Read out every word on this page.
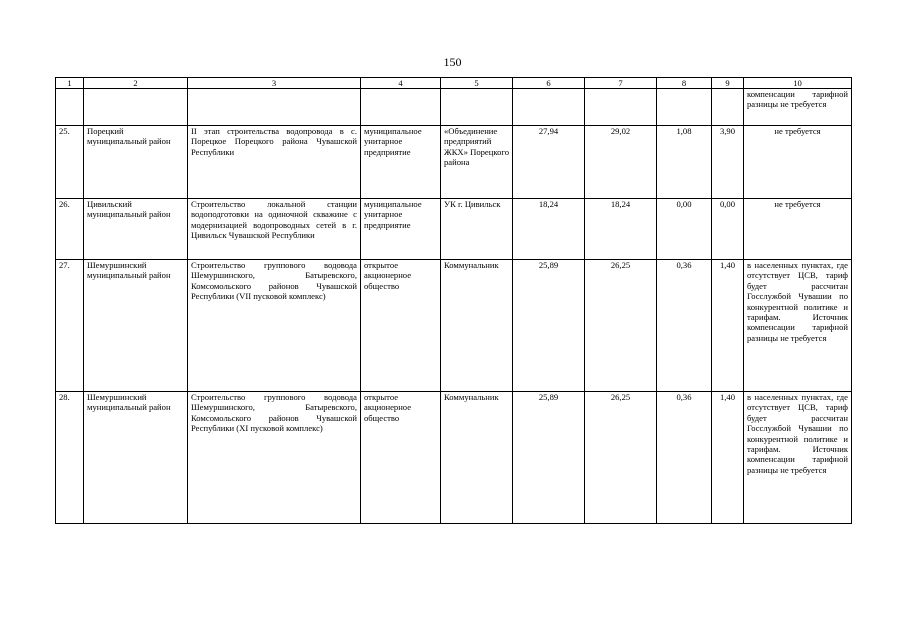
150
1	2	3	4	5	6	7	8	9	10
									компенсации тарифной разницы не требуется
25.	Порецкий муниципальный район	II этап строительства водопровода в с. Порецкое Порецкого района Чувашской Республики	муниципальное унитарное предприятие	«Объединение предприятий ЖКХ» Порецкого района	27,94	29,02	1,08	3,90	не требуется
26.	Цивильский муниципальный район	Строительство локальной станции водоподготовки на одиночной скважине с модернизацией водопроводных сетей в г. Цивильск Чувашской Республики	муниципальное унитарное предприятие	УК г. Цивильск	18,24	18,24	0,00	0,00	не требуется
27.	Шемуршинский муниципальный район	Строительство группового водовода Шемуршинского, Батыревского, Комсомольского районов Чувашской Республики (VII пусковой комплекс)	открытое акционерное общество	Коммунальник	25,89	26,25	0,36	1,40	в населенных пунктах, где отсутствует ЦСВ, тариф будет рассчитан Госслужбой Чувашии по конкурентной политике и тарифам. Источник компенсации тарифной разницы не требуется
28.	Шемуршинский муниципальный район	Строительство группового водовода Шемуршинского, Батыревского, Комсомольского районов Чувашской Республики (XI пусковой комплекс)	открытое акционерное общество	Коммунальник	25,89	26,25	0,36	1,40	в населенных пунктах, где отсутствует ЦСВ, тариф будет рассчитан Госслужбой Чувашии по конкурентной политике и тарифам. Источник компенсации тарифной разницы не требуется
